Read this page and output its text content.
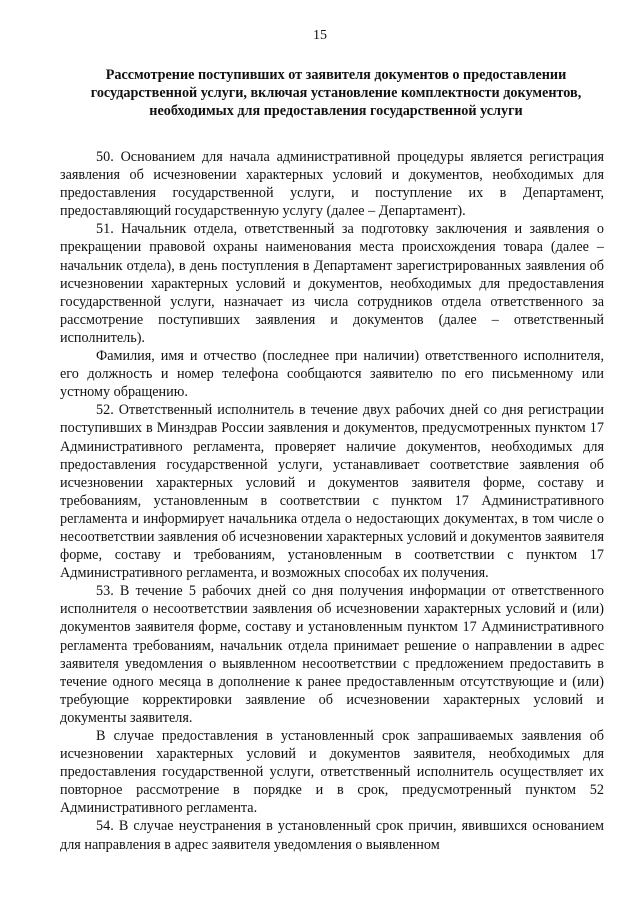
15
Рассмотрение поступивших от заявителя документов о предоставлении государственной услуги, включая установление комплектности документов, необходимых для предоставления государственной услуги

50. Основанием для начала административной процедуры является регистрация заявления об исчезновении характерных условий и документов, необходимых для предоставления государственной услуги, и поступление их в Департамент, предоставляющий государственную услугу (далее – Департамент).

51. Начальник отдела, ответственный за подготовку заключения и заявления о прекращении правовой охраны наименования места происхождения товара (далее – начальник отдела), в день поступления в Департамент зарегистрированных заявления об исчезновении характерных условий и документов, необходимых для предоставления государственной услуги, назначает из числа сотрудников отдела ответственного за рассмотрение поступивших заявления и документов (далее – ответственный исполнитель).

Фамилия, имя и отчество (последнее при наличии) ответственного исполнителя, его должность и номер телефона сообщаются заявителю по его письменному или устному обращению.

52. Ответственный исполнитель в течение двух рабочих дней со дня регистрации поступивших в Минздрав России заявления и документов, предусмотренных пунктом 17 Административного регламента, проверяет наличие документов, необходимых для предоставления государственной услуги, устанавливает соответствие заявления об исчезновении характерных условий и документов заявителя форме, составу и требованиям, установленным в соответствии с пунктом 17 Административного регламента и информирует начальника отдела о недостающих документах, в том числе о несоответствии заявления об исчезновении характерных условий и документов заявителя форме, составу и требованиям, установленным в соответствии с пунктом 17 Административного регламента, и возможных способах их получения.

53. В течение 5 рабочих дней со дня получения информации от ответственного исполнителя о несоответствии заявления об исчезновении характерных условий и (или) документов заявителя форме, составу и установленным пунктом 17 Административного регламента требованиям, начальник отдела принимает решение о направлении в адрес заявителя уведомления о выявленном несоответствии с предложением предоставить в течение одного месяца в дополнение к ранее предоставленным отсутствующие и (или) требующие корректировки заявление об исчезновении характерных условий и документы заявителя.

В случае предоставления в установленный срок запрашиваемых заявления об исчезновении характерных условий и документов заявителя, необходимых для предоставления государственной услуги, ответственный исполнитель осуществляет их повторное рассмотрение в порядке и в срок, предусмотренный пунктом 52 Административного регламента.

54. В случае неустранения в установленный срок причин, явившихся основанием для направления в адрес заявителя уведомления о выявленном
